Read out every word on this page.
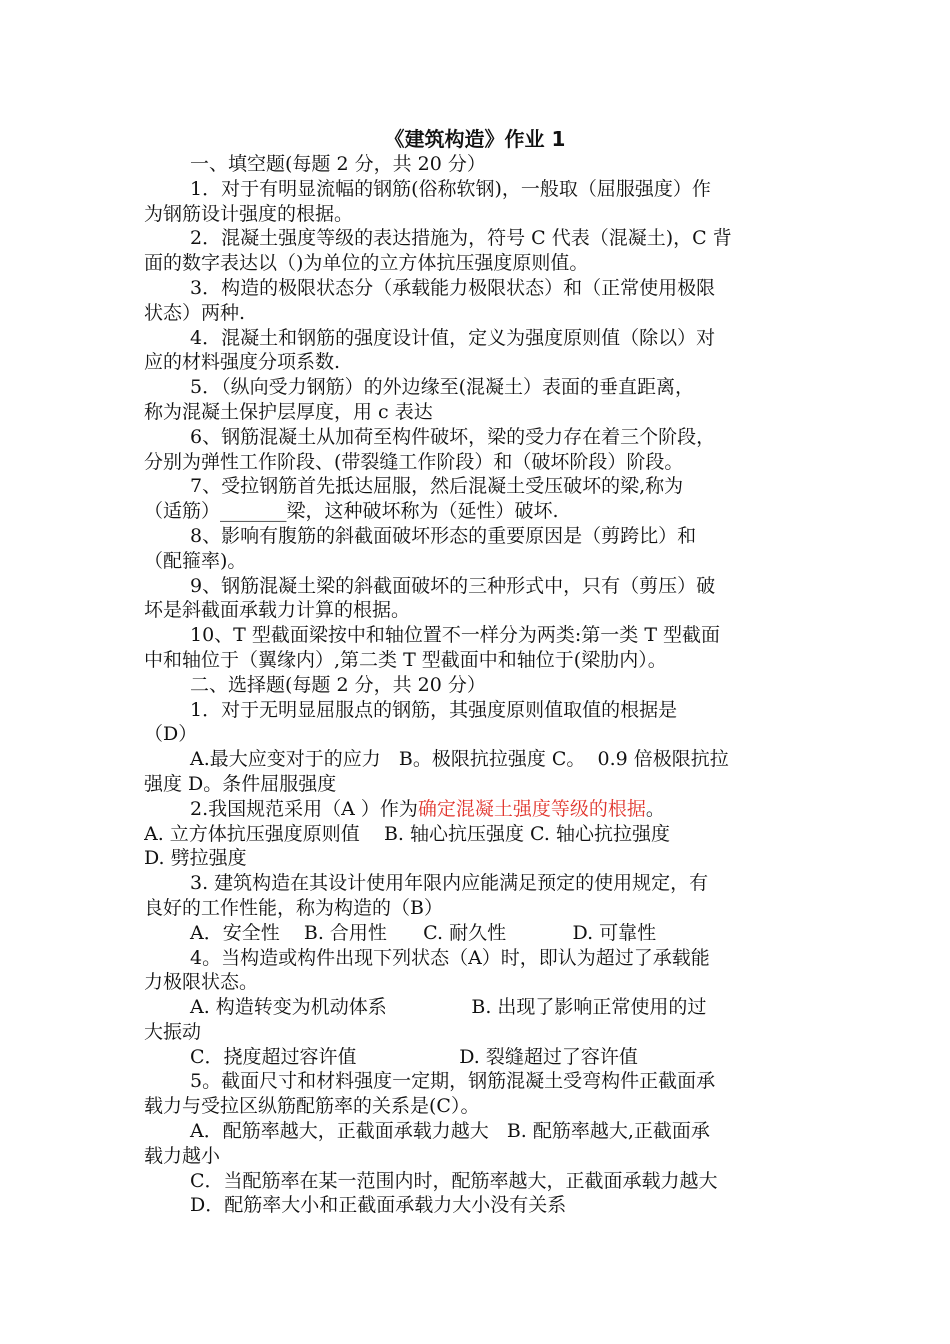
《建筑构造》作业 1
一、填空题(每题 2 分，共 20 分）
1．对于有明显流幅的钢筋(俗称软钢)，一般取（屈服强度）作
为钢筋设计强度的根据。
2．混凝土强度等级的表达措施为，符号 C 代表（混凝土)，C 背
面的数字表达以（)为单位的立方体抗压强度原则值。
3．构造的极限状态分（承载能力极限状态）和（正常使用极限
状态）两种.
4．混凝土和钢筋的强度设计值，定义为强度原则值（除以）对
应的材料强度分项系数.
5．（纵向受力钢筋）的外边缘至(混凝土）表面的垂直距离，
称为混凝土保护层厚度，用 c 表达
6、钢筋混凝土从加荷至构件破坏，梁的受力存在着三个阶段，
分别为弹性工作阶段、(带裂缝工作阶段）和（破坏阶段）阶段。
7、受拉钢筋首先抵达屈服，然后混凝土受压破坏的梁,称为
（适筋）_______梁，这种破坏称为（延性）破坏.
8、影响有腹筋的斜截面破坏形态的重要原因是（剪跨比）和
（配箍率)。
9、钢筋混凝土梁的斜截面破坏的三种形式中，只有（剪压）破
坏是斜截面承载力计算的根据。
10、T 型截面梁按中和轴位置不一样分为两类:第一类 T 型截面
中和轴位于（翼缘内）,第二类 T 型截面中和轴位于(梁肋内）。
二、选择题(每题 2 分，共 20 分）
1．对于无明显屈服点的钢筋，其强度原则值取值的根据是
（D）
A.最大应变对于的应力   B。极限抗拉强度 C。  0.9 倍极限抗拉
强度 D。条件屈服强度
2.我国规范采用（A ）作为确定混凝土强度等级的根据。
A. 立方体抗压强度原则值    B. 轴心抗压强度 C. 轴心抗拉强度
D. 劈拉强度
3. 建筑构造在其设计使用年限内应能满足预定的使用规定，有
良好的工作性能，称为构造的（B）
A．安全性    B. 合用性      C. 耐久性           D. 可靠性
4。当构造或构件出现下列状态（A）时，即认为超过了承载能
力极限状态。
A. 构造转变为机动体系              B. 出现了影响正常使用的过
大振动
C．挠度超过容许值                 D. 裂缝超过了容许值
5。截面尺寸和材料强度一定期，钢筋混凝土受弯构件正截面承
载力与受拉区纵筋配筋率的关系是(C）。
A．配筋率越大，正截面承载力越大   B. 配筋率越大,正截面承
载力越小
C．当配筋率在某一范围内时，配筋率越大，正截面承载力越大
D．配筋率大小和正截面承载力大小没有关系
